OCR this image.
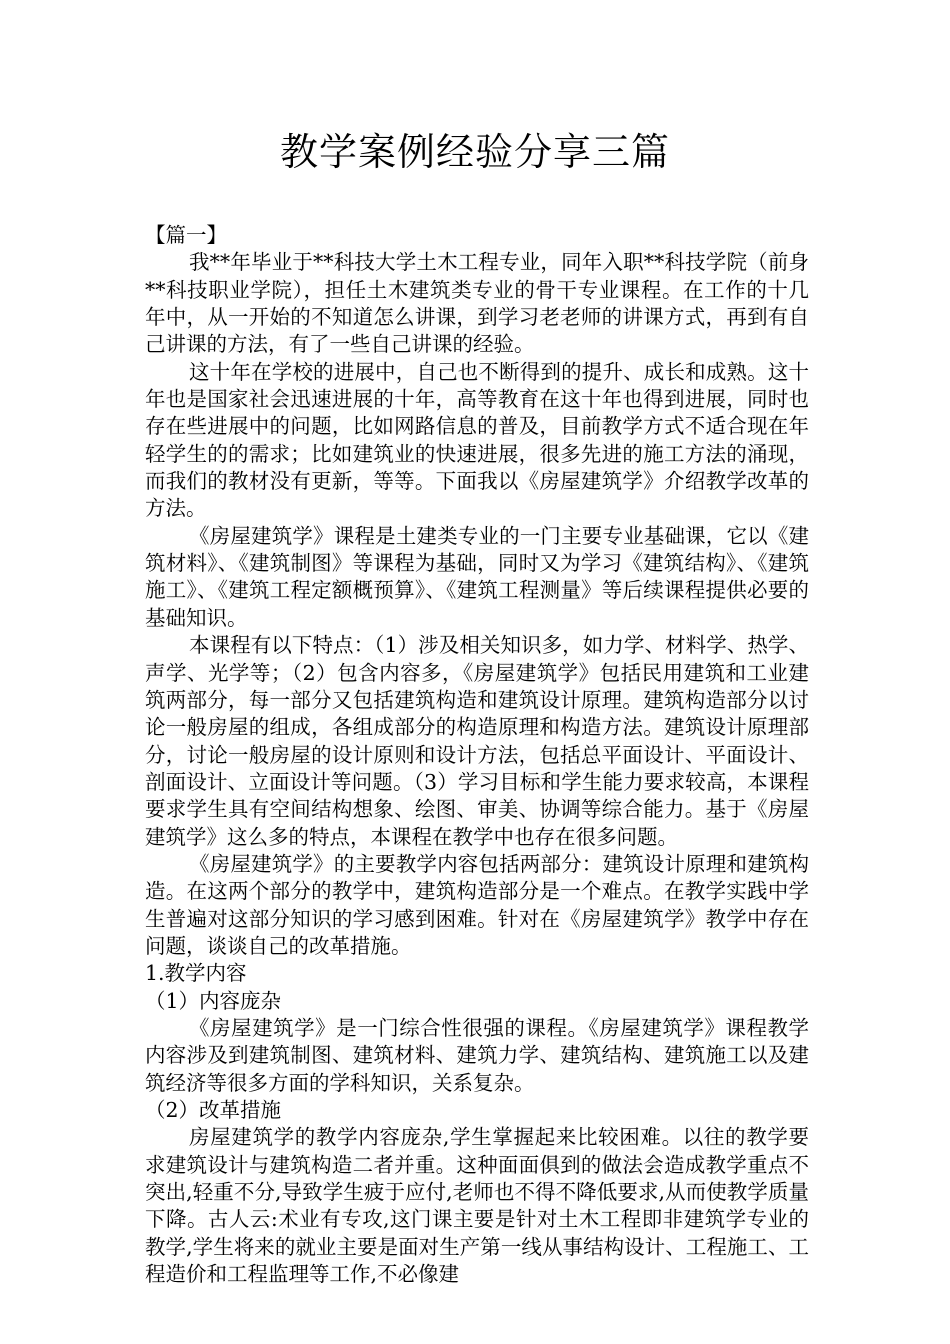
教学案例经验分享三篇

【篇一】

我**年毕业于**科技大学土木工程专业，同年入职**科技学院（前身**科技职业学院），担任土木建筑类专业的骨干专业课程。在工作的十几年中，从一开始的不知道怎么讲课，到学习老老师的讲课方式，再到有自己讲课的方法，有了一些自己讲课的经验。

这十年在学校的进展中，自己也不断得到的提升、成长和成熟。这十年也是国家社会迅速进展的十年，高等教育在这十年也得到进展，同时也存在些进展中的问题，比如网路信息的普及，目前教学方式不适合现在年轻学生的的需求；比如建筑业的快速进展，很多先进的施工方法的涌现，而我们的教材没有更新，等等。下面我以《房屋建筑学》介绍教学改革的方法。

《房屋建筑学》课程是土建类专业的一门主要专业基础课，它以《建筑材料》、《建筑制图》等课程为基础，同时又为学习《建筑结构》、《建筑施工》、《建筑工程定额概预算》、《建筑工程测量》等后续课程提供必要的基础知识。

本课程有以下特点：（1）涉及相关知识多，如力学、材料学、热学、声学、光学等；（2）包含内容多，《房屋建筑学》包括民用建筑和工业建筑两部分，每一部分又包括建筑构造和建筑设计原理。建筑构造部分以讨论一般房屋的组成，各组成部分的构造原理和构造方法。建筑设计原理部分，讨论一般房屋的设计原则和设计方法，包括总平面设计、平面设计、剖面设计、立面设计等问题。（3）学习目标和学生能力要求较高，本课程要求学生具有空间结构想象、绘图、审美、协调等综合能力。基于《房屋建筑学》这么多的特点，本课程在教学中也存在很多问题。

《房屋建筑学》的主要教学内容包括两部分：建筑设计原理和建筑构造。在这两个部分的教学中，建筑构造部分是一个难点。在教学实践中学生普遍对这部分知识的学习感到困难。针对在《房屋建筑学》教学中存在问题，谈谈自己的改革措施。

1.教学内容

（1）内容庞杂

《房屋建筑学》是一门综合性很强的课程。《房屋建筑学》课程教学内容涉及到建筑制图、建筑材料、建筑力学、建筑结构、建筑施工以及建筑经济等很多方面的学科知识，关系复杂。

（2）改革措施

房屋建筑学的教学内容庞杂,学生掌握起来比较困难。以往的教学要求建筑设计与建筑构造二者并重。这种面面俱到的做法会造成教学重点不突出,轻重不分,导致学生疲于应付,老师也不得不降低要求,从而使教学质量下降。古人云:术业有专攻,这门课主要是针对土木工程即非建筑学专业的教学,学生将来的就业主要是面对生产第一线从事结构设计、工程施工、工程造价和工程监理等工作,不必像建
